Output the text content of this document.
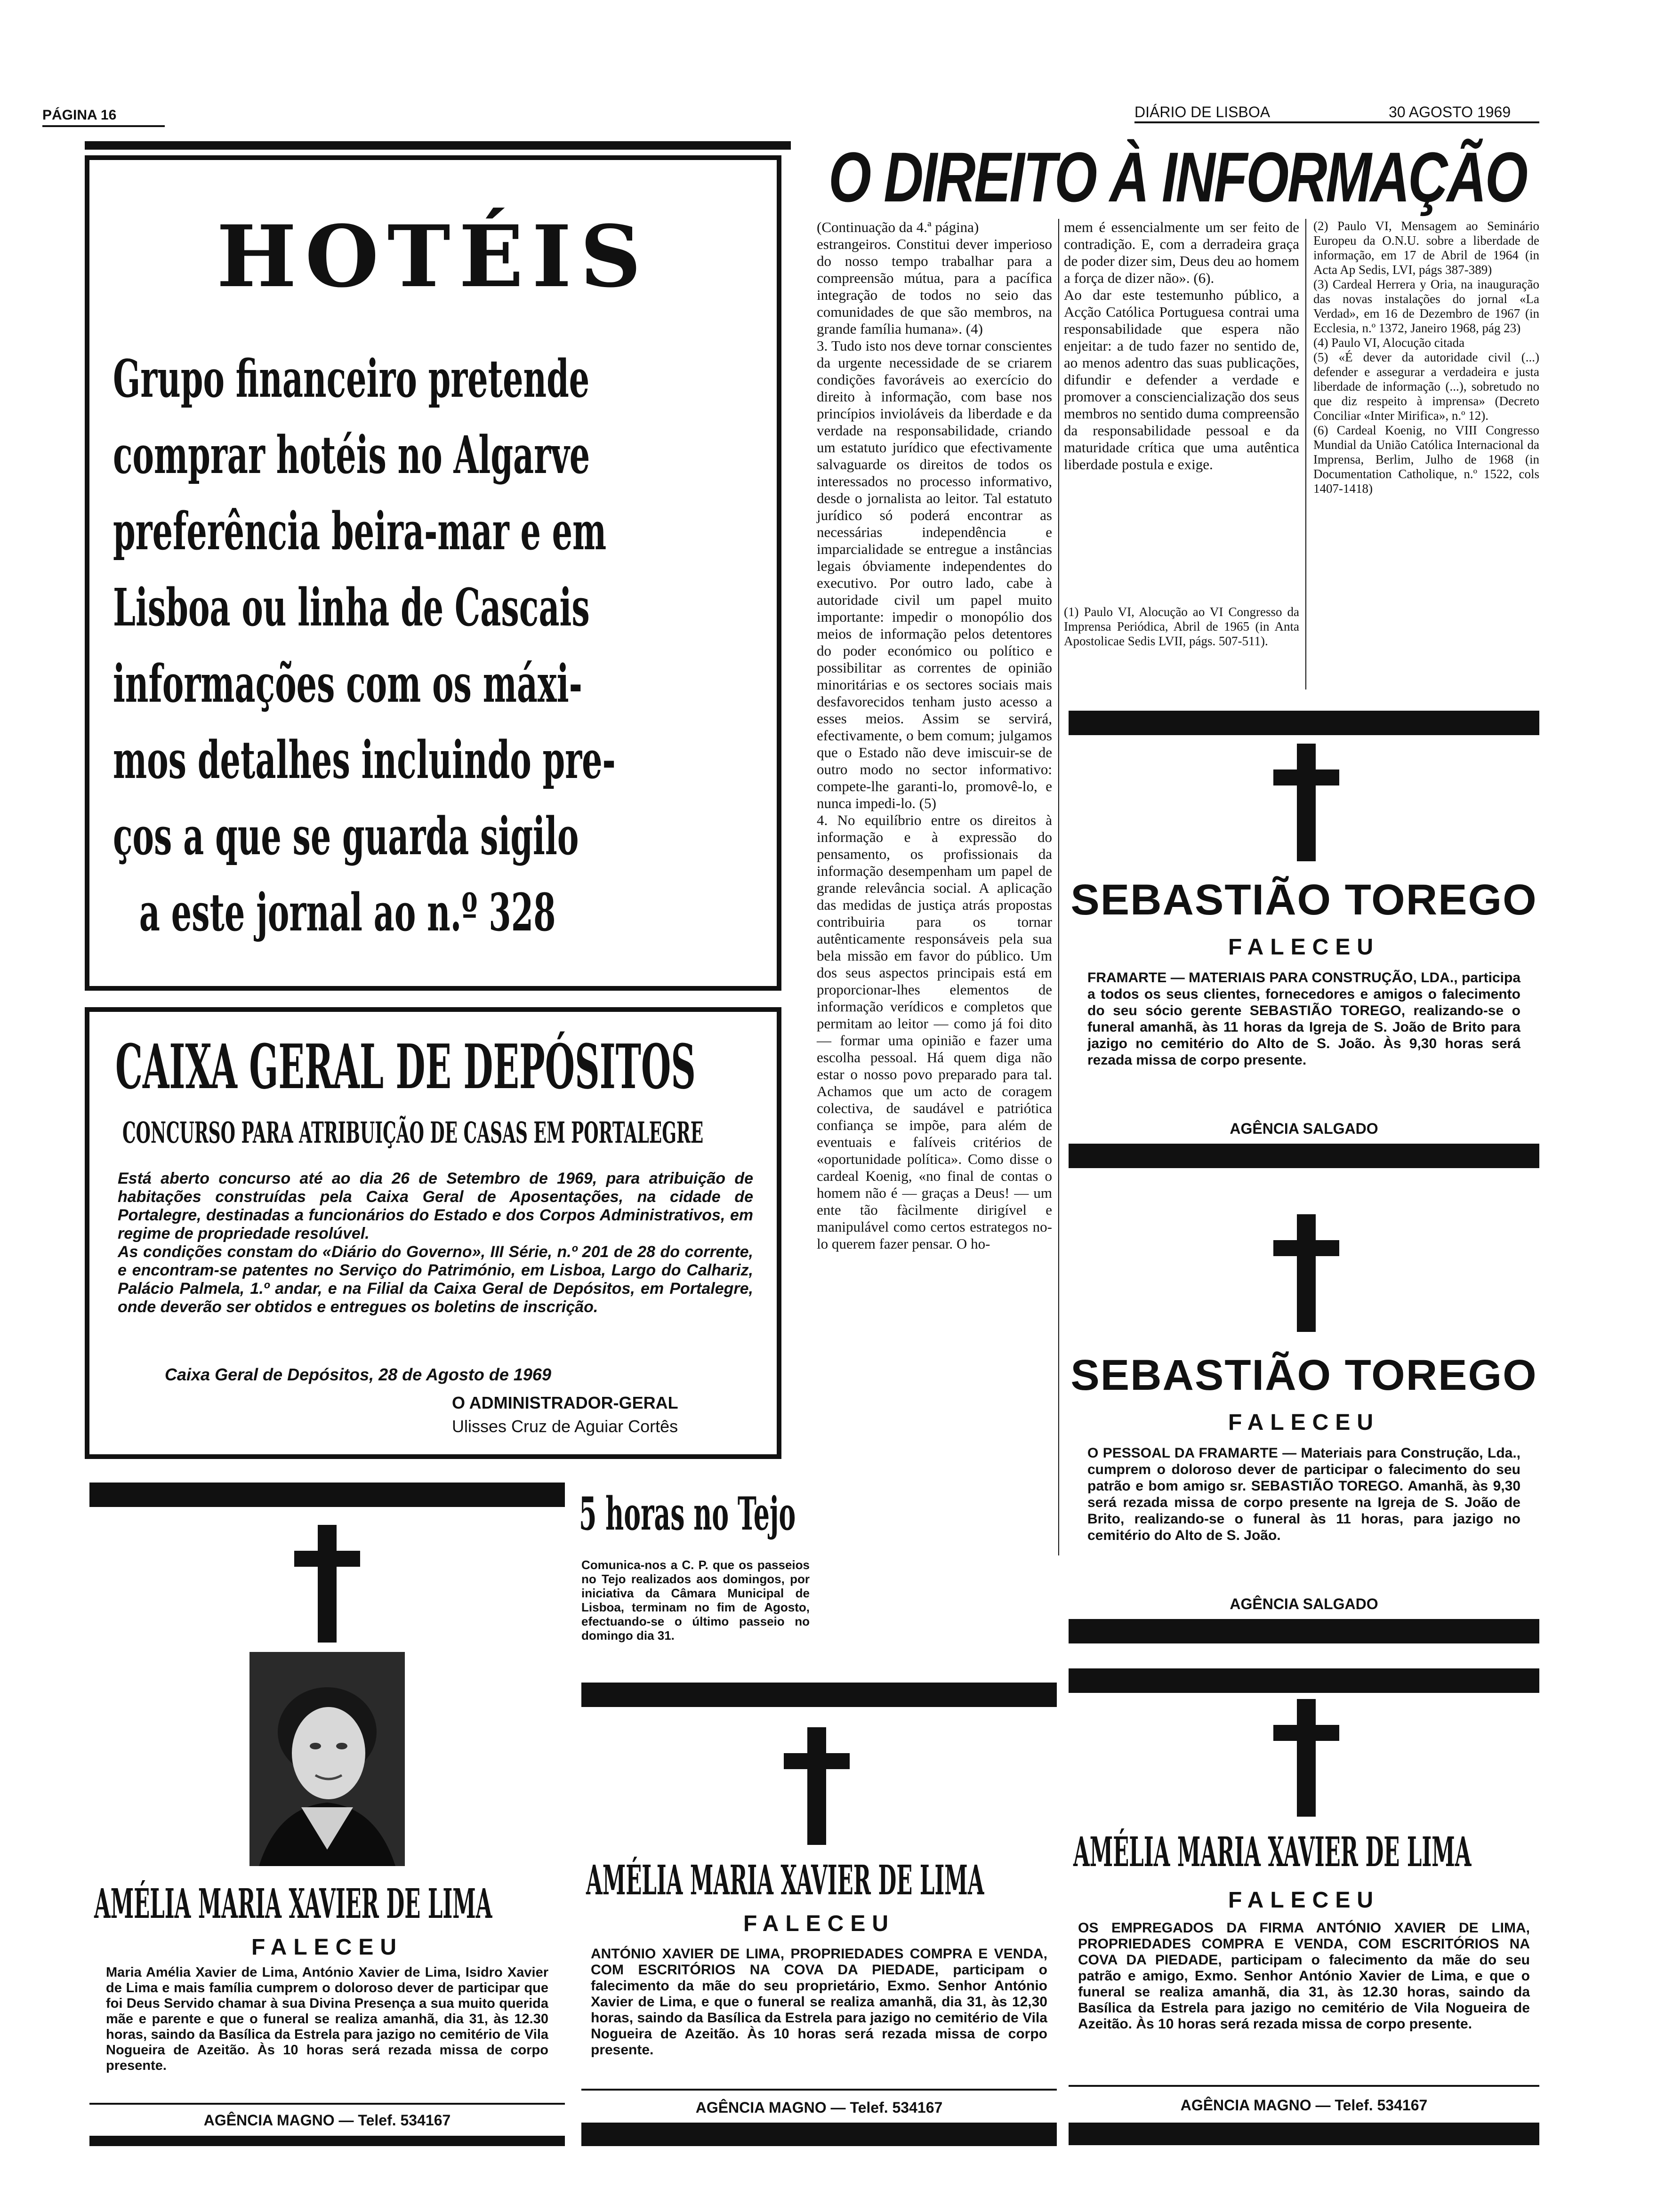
PÁGINA 16	DIÁRIO DE LISBOA	30 AGOSTO 1969
HOTÉIS
Grupo financeiro pretende
comprar hotéis no Algarve
preferência beira-mar e em
Lisboa ou linha de Cascais
informações com os máxi-
mos detalhes incluindo pre-
ços a que se guarda sigilo
a este jornal ao n.º 328
CAIXA GERAL DE DEPÓSITOS
CONCURSO PARA ATRIBUIÇÃO DE CASAS EM PORTALEGRE
Está aberto concurso até ao dia 26 de Setembro de 1969, para atribuição de habitações construídas pela Caixa Geral de Aposentações, na cidade de Portalegre, destinadas a funcionários do Estado e dos Corpos Administrativos, em regime de propriedade resolúvel.
As condições constam do «Diário do Governo», III Série, n.º 201 de 28 do corrente, e encontram-se patentes no Serviço do Património, em Lisboa, Largo do Calhariz, Palácio Palmela, 1.º andar, e na Filial da Caixa Geral de Depósitos, em Portalegre, onde deverão ser obtidos e entregues os boletins de inscrição.
Caixa Geral de Depósitos, 28 de Agosto de 1969
O ADMINISTRADOR-GERAL
Ulisses Cruz de Aguiar Cortês
O DIREITO À INFORMAÇÃO

(Continuação da 4.ª página)
estrangeiros. Constitui dever imperioso do nosso tempo trabalhar para a compreensão mútua, para a pacífica integração de todos no seio das comunidades de que são membros, na grande família humana». (4)
3. Tudo isto nos deve tornar conscientes da urgente necessidade de se criarem condições favoráveis ao exercício do direito à informação, com base nos princípios invioláveis da liberdade e da verdade na responsabilidade, criando um estatuto jurídico que efectivamente salvaguarde os direitos de todos os interessados no processo informativo, desde o jornalista ao leitor. Tal estatuto jurídico só poderá encontrar as necessárias independência e imparcialidade se entregue a instâncias legais óbviamente independentes do executivo. Por outro lado, cabe à autoridade civil um papel muito importante: impedir o monopólio dos meios de informação pelos detentores do poder económico ou político e possibilitar as correntes de opinião minoritárias e os sectores sociais mais desfavorecidos tenham justo acesso a esses meios. Assim se servirá, efectivamente, o bem comum; julgamos que o Estado não deve imiscuir-se de outro modo no sector informativo: compete-lhe garanti-lo, promovê-lo, e nunca impedi-lo. (5)
4. No equilíbrio entre os direitos à informação e à expressão do pensamento, os profissionais da informação desempenham um papel de grande relevância social. A aplicação das medidas de justiça atrás propostas contribuiria para os tornar autênticamente responsáveis pela sua bela missão em favor do público. Um dos seus aspectos principais está em proporcionar-lhes elementos de informação verídicos e completos que permitam ao leitor — como já foi dito — formar uma opinião e fazer uma escolha pessoal. Há quem diga não estar o nosso povo preparado para tal. Achamos que um acto de coragem colectiva, de saudável e patriótica confiança se impõe, para além de eventuais e falíveis critérios de «oportunidade política». Como disse o cardeal Koenig, «no final de contas o homem não é — graças a Deus! — um ente tão fàcilmente dirigível e manipulável como certos estrategos no-lo querem fazer pensar. O ho-

mem é essencialmente um ser feito de contradição. E, com a derradeira graça de poder dizer sim, Deus deu ao homem a força de dizer não». (6).
Ao dar este testemunho público, a Acção Católica Portuguesa contrai uma responsabilidade que espera não enjeitar: a de tudo fazer no sentido de, ao menos adentro das suas publicações, difundir e defender a verdade e promover a consciencialização dos seus membros no sentido duma compreensão da responsabilidade pessoal e da maturidade crítica que uma autêntica liberdade postula e exige.

(1) Paulo VI, Alocução ao VI Congresso da Imprensa Periódica, Abril de 1965 (in Anta Apostolicae Sedis LVII, págs. 507-511).

(2) Paulo VI, Mensagem ao Seminário Europeu da O.N.U. sobre a liberdade de informação, em 17 de Abril de 1964 (in Acta Ap Sedis, LVI, págs 387-389)
(3) Cardeal Herrera y Oria, na inauguração das novas instalações do jornal «La Verdad», em 16 de Dezembro de 1967 (in Ecclesia, n.º 1372, Janeiro 1968, pág 23)
(4) Paulo VI, Alocução citada
(5) «É dever da autoridade civil (...) defender e assegurar a verdadeira e justa liberdade de informação (...), sobretudo no que diz respeito à imprensa» (Decreto Conciliar «Inter Mirifica», n.º 12).
(6) Cardeal Koenig, no VIII Congresso Mundial da União Católica Internacional da Imprensa, Berlim, Julho de 1968 (in Documentation Catholique, n.º 1522, cols 1407-1418)

5 horas no Tejo
Comunica-nos a C. P. que os passeios no Tejo realizados aos domingos, por iniciativa da Câmara Municipal de Lisboa, terminam no fim de Agosto, efectuando-se o último passeio no domingo dia 31.
SEBASTIÃO TOREGO
FALECEU
FRAMARTE — MATERIAIS PARA CONSTRUÇÃO, LDA., participa a todos os seus clientes, fornecedores e amigos o falecimento do seu sócio gerente SEBASTIÃO TOREGO, realizando-se o funeral amanhã, às 11 horas da Igreja de S. João de Brito para jazigo no cemitério do Alto de S. João. Às 9,30 horas será rezada missa de corpo presente.
AGÊNCIA SALGADO
SEBASTIÃO TOREGO
FALECEU
O PESSOAL DA FRAMARTE — Materiais para Construção, Lda., cumprem o doloroso dever de participar o falecimento do seu patrão e bom amigo sr. SEBASTIÃO TOREGO. Amanhã, às 9,30 será rezada missa de corpo presente na Igreja de S. João de Brito, realizando-se o funeral às 11 horas, para jazigo no cemitério do Alto de S. João.
AGÊNCIA SALGADO
AMÉLIA MARIA XAVIER DE LIMA
FALECEU
Maria Amélia Xavier de Lima, António Xavier de Lima, Isidro Xavier de Lima e mais família cumprem o doloroso dever de participar que foi Deus Servido chamar à sua Divina Presença a sua muito querida mãe e parente e que o funeral se realiza amanhã, dia 31, às 12.30 horas, saindo da Basílica da Estrela para jazigo no cemitério de Vila Nogueira de Azeitão. Às 10 horas será rezada missa de corpo presente.
AGÊNCIA MAGNO — Telef. 534167
AMÉLIA MARIA XAVIER DE LIMA
FALECEU
ANTÓNIO XAVIER DE LIMA, PROPRIEDADES COMPRA E VENDA, COM ESCRITÓRIOS NA COVA DA PIEDADE, participam o falecimento da mãe do seu proprietário, Exmo. Senhor António Xavier de Lima, e que o funeral se realiza amanhã, dia 31, às 12,30 horas, saindo da Basílica da Estrela para jazigo no cemitério de Vila Nogueira de Azeitão. Às 10 horas será rezada missa de corpo presente.
AGÊNCIA MAGNO — Telef. 534167
AMÉLIA MARIA XAVIER DE LIMA
FALECEU
OS EMPREGADOS DA FIRMA ANTÓNIO XAVIER DE LIMA, PROPRIEDADES COMPRA E VENDA, COM ESCRITÓRIOS NA COVA DA PIEDADE, participam o falecimento da mãe do seu patrão e amigo, Exmo. Senhor António Xavier de Lima, e que o funeral se realiza amanhã, dia 31, às 12.30 horas, saindo da Basílica da Estrela para jazigo no cemitério de Vila Nogueira de Azeitão. Às 10 horas será rezada missa de corpo presente.
AGÊNCIA MAGNO — Telef. 534167
